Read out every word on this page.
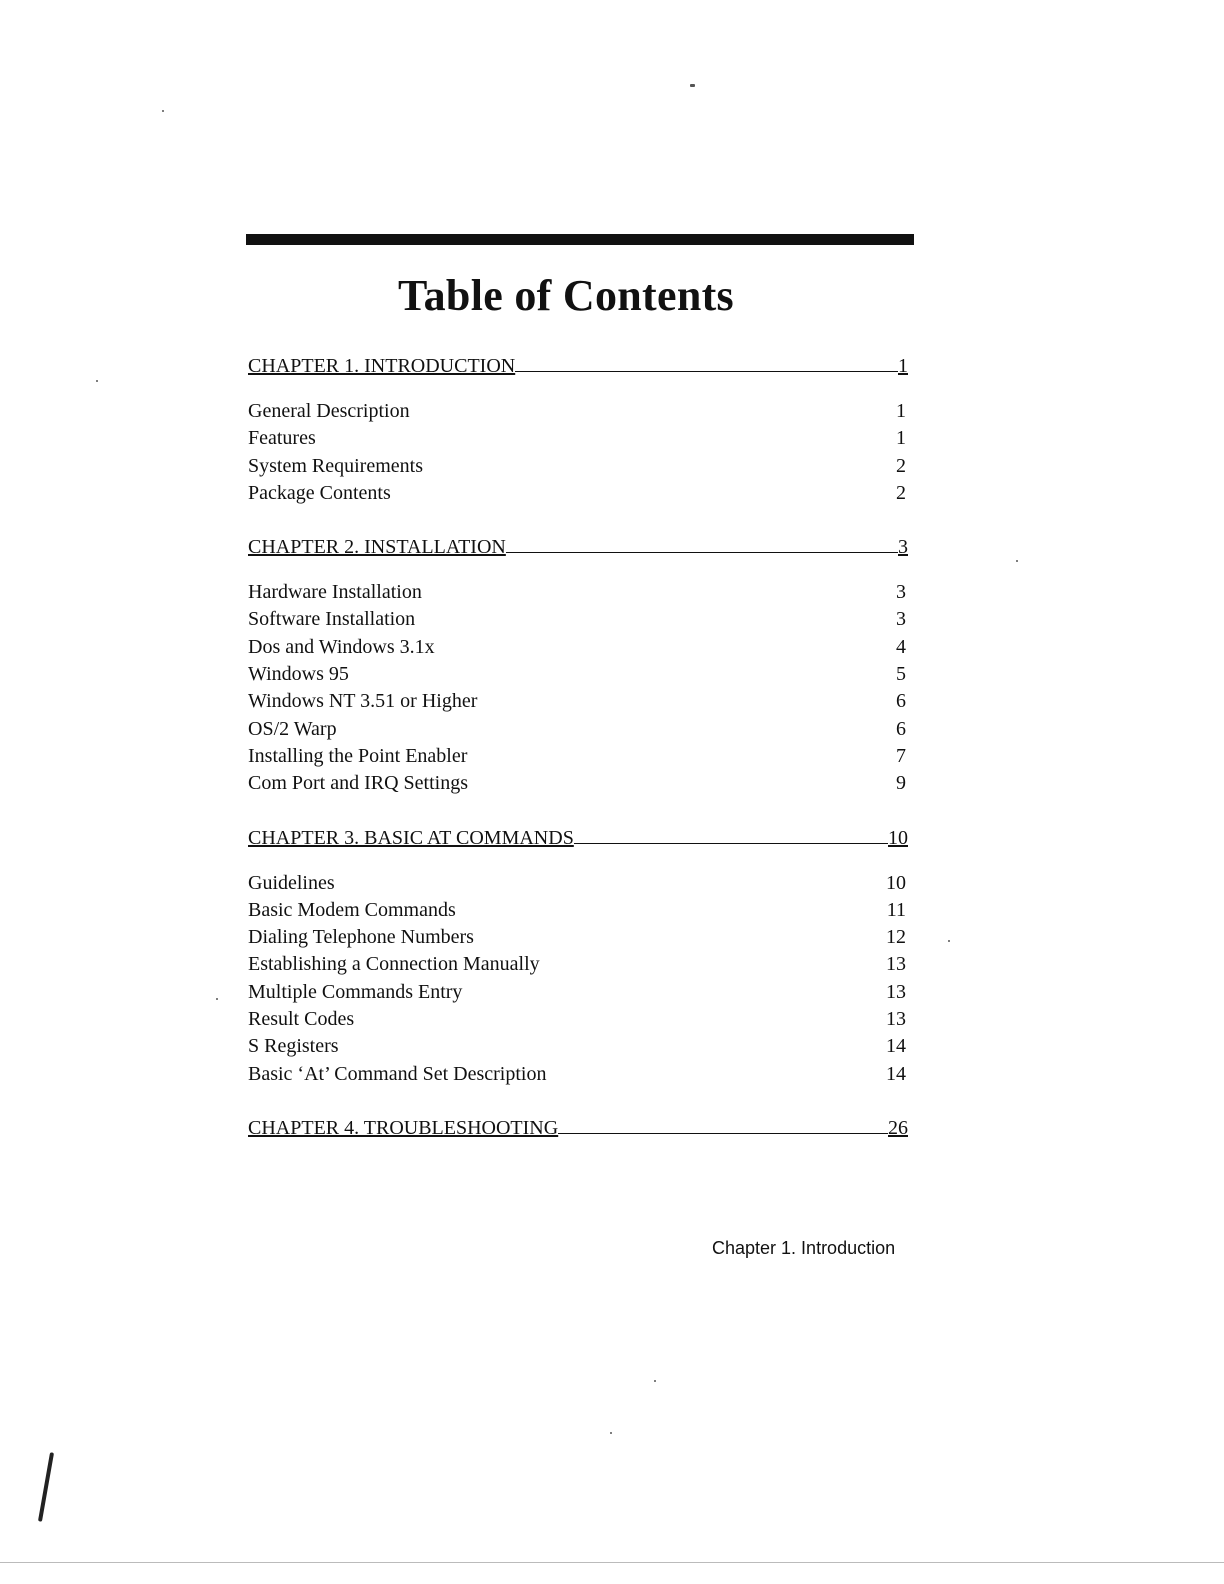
Table of Contents
CHAPTER 1. INTRODUCTION	1
General Description	1
Features	1
System Requirements	2
Package Contents	2
CHAPTER 2. INSTALLATION	3
Hardware Installation	3
Software Installation	3
Dos and Windows 3.1x	4
Windows 95	5
Windows NT 3.51 or Higher	6
OS/2 Warp	6
Installing the Point Enabler	7
Com Port and IRQ Settings	9
CHAPTER 3. BASIC AT COMMANDS	10
Guidelines	10
Basic Modem Commands	11
Dialing Telephone Numbers	12
Establishing a Connection Manually	13
Multiple Commands Entry	13
Result Codes	13
S Registers	14
Basic ‘At’ Command Set Description	14
CHAPTER 4. TROUBLESHOOTING	26
Chapter 1. Introduction
